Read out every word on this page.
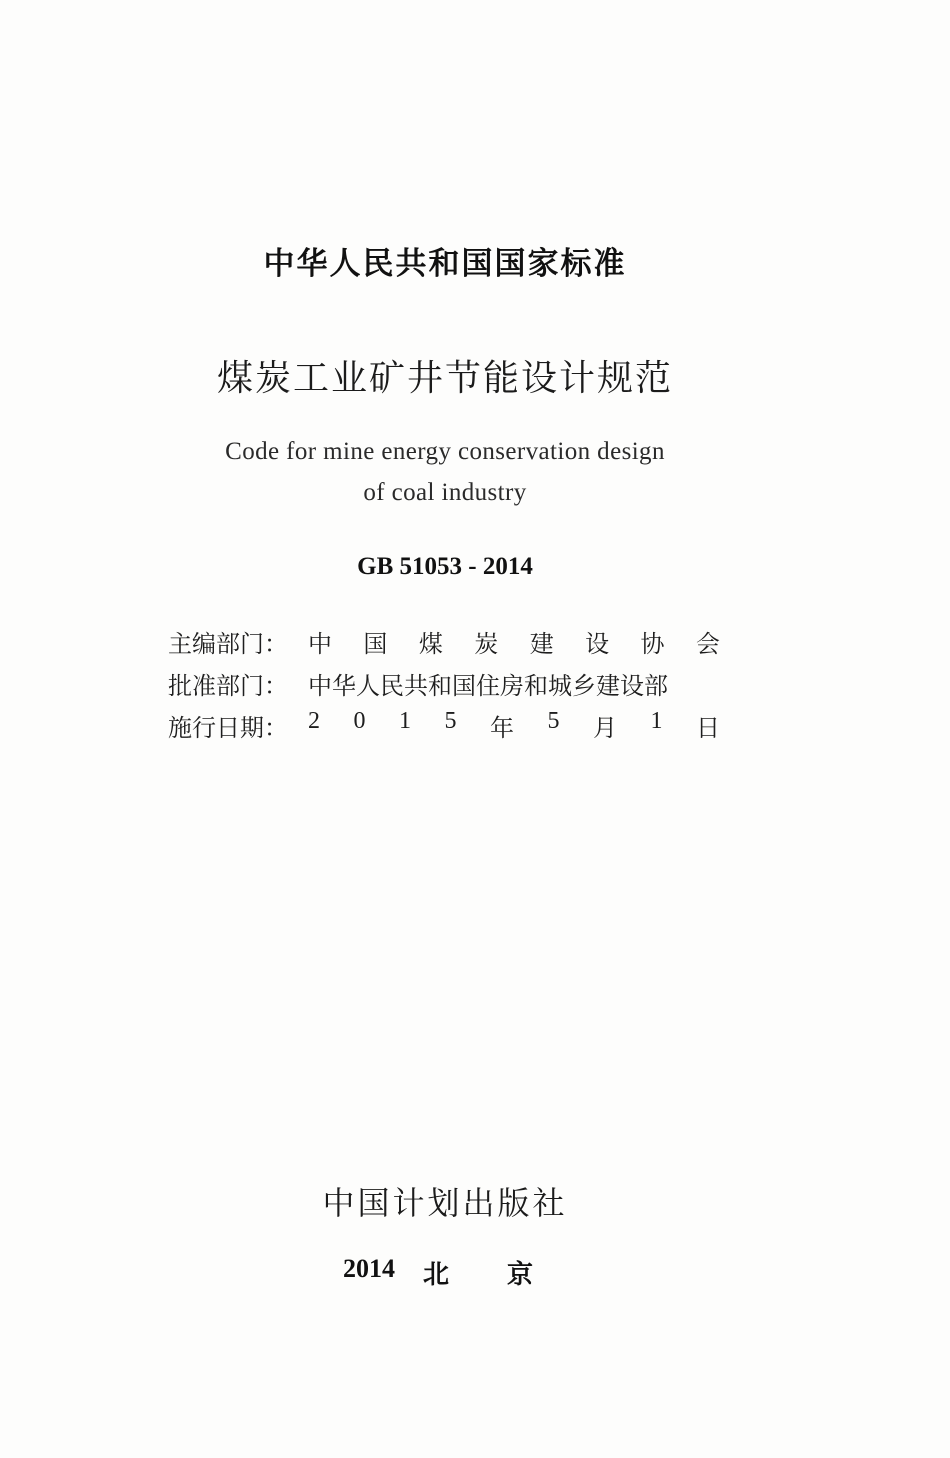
中华人民共和国国家标准
煤炭工业矿井节能设计规范
Code for mine energy conservation design
of coal industry
GB 51053 - 2014
主编部门： 中 国 煤 炭 建 设 协 会
批准部门： 中华人民共和国住房和城乡建设部
施行日期： 2 0 1 5 年 5 月 1 日
中国计划出版社
2014	北	京
